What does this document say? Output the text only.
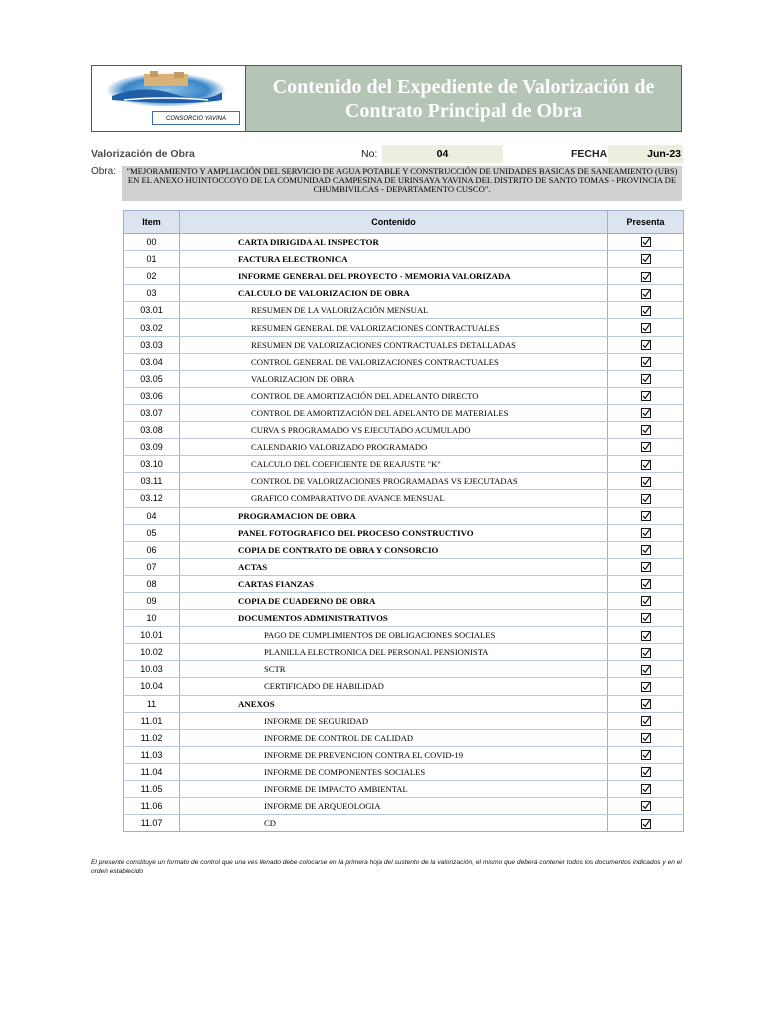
CONSORCIO YAVINA
Contenido del Expediente de Valorización de Contrato Principal de Obra
Valorización de Obra	No:	04	FECHA	Jun-23
Obra:	"MEJORAMIENTO Y AMPLIACIÓN DEL SERVICIO DE AGUA POTABLE Y CONSTRUCCIÓN DE UNIDADES BASICAS DE SANEAMIENTO (UBS) EN EL ANEXO HUINTOCCOYO DE LA COMUNIDAD CAMPESINA DE URINSAYA YAVINA DEL DISTRITO DE SANTO TOMAS - PROVINCIA DE CHUMBIVILCAS - DEPARTAMENTO CUSCO".
Item	Contenido	Presenta
00	CARTA DIRIGIDA AL INSPECTOR	
01	FACTURA ELECTRONICA	
02	INFORME GENERAL DEL PROYECTO - MEMORIA VALORIZADA	
03	CALCULO DE VALORIZACION DE OBRA	
03.01	RESUMEN DE LA VALORIZACIÓN MENSUAL	
03.02	RESUMEN GENERAL DE VALORIZACIONES CONTRACTUALES	
03.03	RESUMEN DE VALORIZACIONES CONTRACTUALES DETALLADAS	
03.04	CONTROL GENERAL DE VALORIZACIONES CONTRACTUALES	
03.05	VALORIZACION DE OBRA	
03.06	CONTROL DE AMORTIZACIÓN DEL ADELANTO DIRECTO	
03.07	CONTROL DE AMORTIZACIÓN DEL ADELANTO DE MATERIALES	
03.08	CURVA S PROGRAMADO VS EJECUTADO ACUMULADO	
03.09	CALENDARIO VALORIZADO PROGRAMADO	
03.10	CALCULO DEL COEFICIENTE DE REAJUSTE "K"	
03.11	CONTROL DE VALORIZACIONES PROGRAMADAS VS EJECUTADAS	
03.12	GRAFICO COMPARATIVO DE AVANCE MENSUAL	
04	PROGRAMACION DE OBRA	
05	PANEL FOTOGRAFICO DEL PROCESO CONSTRUCTIVO	
06	COPIA DE CONTRATO DE OBRA Y CONSORCIO	
07	ACTAS	
08	CARTAS FIANZAS	
09	COPIA DE CUADERNO DE OBRA	
10	DOCUMENTOS ADMINISTRATIVOS	
10.01	PAGO DE CUMPLIMIENTOS DE OBLIGACIONES SOCIALES	
10.02	PLANILLA ELECTRONICA DEL PERSONAL PENSIONISTA	
10.03	SCTR	
10.04	CERTIFICADO DE HABILIDAD	
11	ANEXOS	
11.01	INFORME DE SEGURIDAD	
11.02	INFORME DE CONTROL DE CALIDAD	
11.03	INFORME DE PREVENCION CONTRA EL COVID-19	
11.04	INFORME DE COMPONENTES SOCIALES	
11.05	INFORME DE IMPACTO AMBIENTAL	
11.06	INFORME DE ARQUEOLOGIA	
11.07	CD	
El presente constituye un formato de control que una ves llenado debe colocarse en la primera hoja del sustento de la valorización, el mismo que deberá contener todos los documentos indicados y en el orden establecido
